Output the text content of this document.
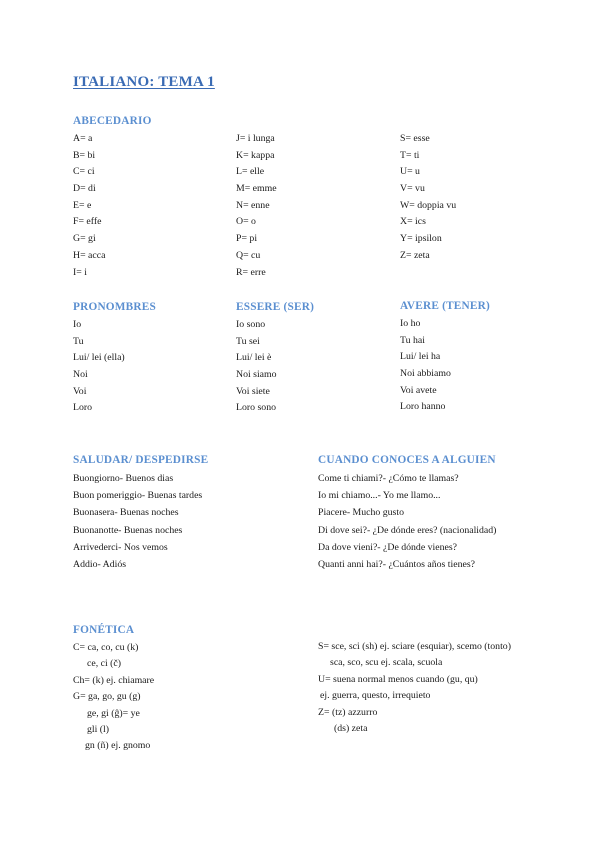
ITALIANO: TEMA 1
ABECEDARIO
A= a
B= bi
C= ci
D= di
E= e
F= effe
G= gi
H= acca
I= i
J= i lunga
K= kappa
L= elle
M= emme
N= enne
O= o
P= pi
Q= cu
R= erre
S= esse
T= ti
U= u
V= vu
W= doppia vu
X= ics
Y= ipsilon
Z= zeta
PRONOMBRES
Io
Tu
Lui/ lei (ella)
Noi
Voi
Loro
ESSERE (SER)
Io sono
Tu sei
Lui/ lei è
Noi siamo
Voi siete
Loro sono
AVERE (TENER)
Io ho
Tu hai
Lui/ lei ha
Noi abbiamo
Voi avete
Loro hanno
SALUDAR/ DESPEDIRSE
Buongiorno- Buenos dias
Buon pomeriggio- Buenas tardes
Buonasera- Buenas noches
Buonanotte- Buenas noches
Arrivederci- Nos vemos
Addio- Adiós
CUANDO CONOCES A ALGUIEN
Come ti chiami?- ¿Cómo te llamas?
Io mi chiamo...- Yo me llamo...
Piacere- Mucho gusto
Di dove sei?- ¿De dónde eres? (nacionalidad)
Da dove vieni?- ¿De dónde vienes?
Quanti anni hai?- ¿Cuántos años tienes?
FONÉTICA
C= ca, co, cu (k)
ce, ci (č)
Ch= (k) ej. chiamare
G= ga, go, gu (g)
ge, gi (ĝ)= ye
gli (l)
gn (ñ) ej. gnomo
S= sce, sci (sh) ej. sciare (esquiar), scemo (tonto)
sca, sco, scu ej. scala, scuola
U= suena normal menos cuando (gu, qu)
ej. guerra, questo, irrequieto
Z= (tz) azzurro
(ds) zeta
